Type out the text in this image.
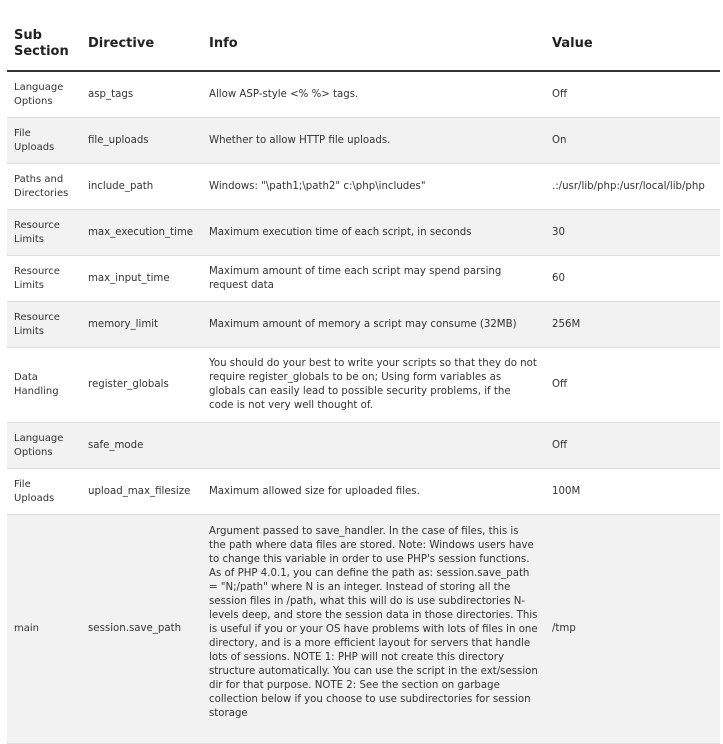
Sub Section	Directive	Info	Value
Language Options	asp_tags	Allow ASP-style <% %> tags.	Off
File Uploads	file_uploads	Whether to allow HTTP file uploads.	On
Paths and Directories	include_path	Windows: "\path1;\path2" c:\php\includes"	.:/usr/lib/php:/usr/local/lib/php
Resource Limits	max_execution_time	Maximum execution time of each script, in seconds	30
Resource Limits	max_input_time	Maximum amount of time each script may spend parsing request data	60
Resource Limits	memory_limit	Maximum amount of memory a script may consume (32MB)	256M
Data Handling	register_globals	You should do your best to write your scripts so that they do not require register_globals to be on; Using form variables as globals can easily lead to possible security problems, if the code is not very well thought of.	Off
Language Options	safe_mode		Off
File Uploads	upload_max_filesize	Maximum allowed size for uploaded files.	100M
main	session.save_path	Argument passed to save_handler. In the case of files, this is the path where data files are stored. Note: Windows users have to change this variable in order to use PHP's session functions. As of PHP 4.0.1, you can define the path as: session.save_path = "N;/path" where N is an integer. Instead of storing all the session files in /path, what this will do is use subdirectories N-levels deep, and store the session data in those directories. This is useful if you or your OS have problems with lots of files in one directory, and is a more efficient layout for servers that handle lots of sessions. NOTE 1: PHP will not create this directory structure automatically. You can use the script in the ext/session dir for that purpose. NOTE 2: See the section on garbage collection below if you choose to use subdirectories for session storage	/tmp
